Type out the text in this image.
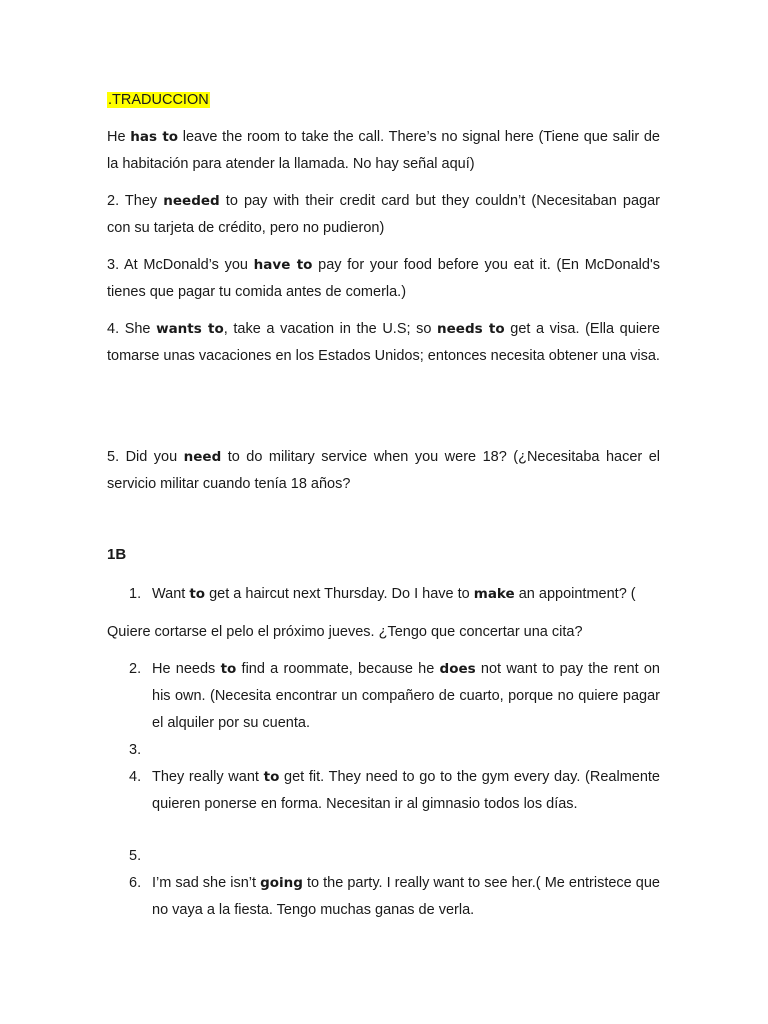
.TRADUCCION
He has to leave the room to take the call. There’s no signal here (Tiene que salir de la habitación para atender la llamada. No hay señal aquí)
2. They needed to pay with their credit card but they couldn’t (Necesitaban pagar con su tarjeta de crédito, pero no pudieron)
3. At McDonald’s you have to pay for your food before you eat it. (En McDonald's tienes que pagar tu comida antes de comerla.)
4. She wants to, take a vacation in the U.S; so needs to get a visa. (Ella quiere tomarse unas vacaciones en los Estados Unidos; entonces necesita obtener una visa.
5. Did you need to do military service when you were 18? (¿Necesitaba hacer el servicio militar cuando tenía 18 años?
1B
1. Want to get a haircut next Thursday. Do I have to make an appointment? (
Quiere cortarse el pelo el próximo jueves. ¿Tengo que concertar una cita?
2. He needs to find a roommate, because he does not want to pay the rent on his own. (Necesita encontrar un compañero de cuarto, porque no quiere pagar el alquiler por su cuenta.
3.

4. They really want to get fit. They need to go to the gym every day. (Realmente quieren ponerse en forma. Necesitan ir al gimnasio todos los días.
5.

6. I’m sad she isn’t going to the party. I really want to see her.( Me entristece que no vaya a la fiesta. Tengo muchas ganas de verla.
